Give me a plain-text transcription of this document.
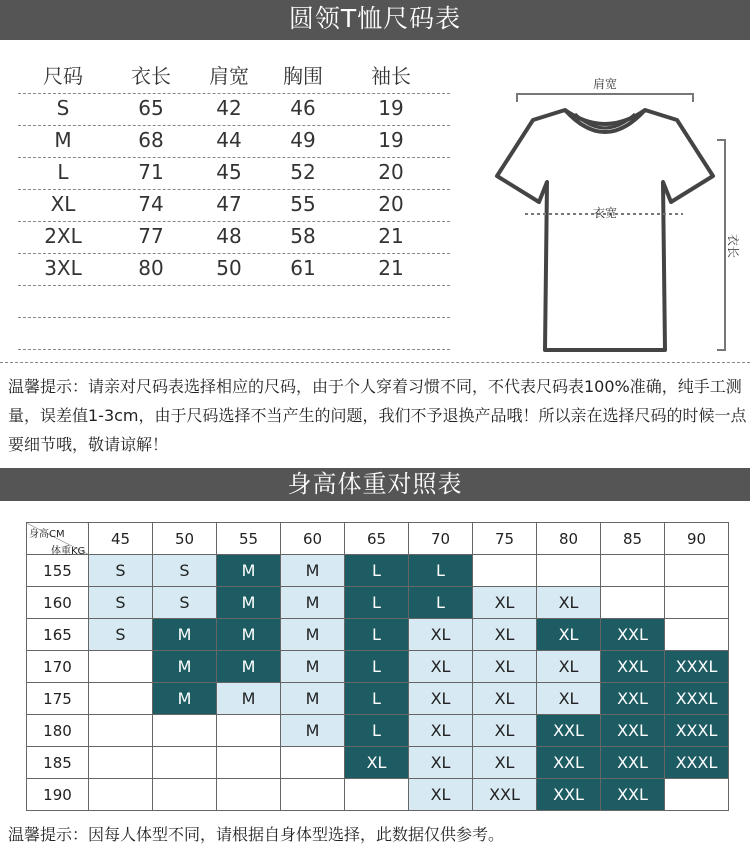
圆领T恤尺码表
尺码	衣长	肩宽	胸围	袖长
S	65	42	46	19
M	68	44	49	19
L	71	45	52	20
XL	74	47	55	20
2XL	77	48	58	21
3XL	80	50	61	21
肩宽
衣宽
衣长
温馨提示：请亲对尺码表选择相应的尺码，由于个人穿着习惯不同，不代表尺码表100%准确，纯手工测量，误差值1-3cm，由于尺码选择不当产生的问题，我们不予退换产品哦！所以亲在选择尺码的时候一点要细节哦，敬请谅解！
身高体重对照表
身高CM
体重KG	45	50	55	60	65	70	75	80	85	90
155	S	S	M	M	L	L				
160	S	S	M	M	L	L	XL	XL		
165	S	M	M	M	L	XL	XL	XL	XXL	
170		M	M	M	L	XL	XL	XL	XXL	XXXL
175		M	M	M	L	XL	XL	XL	XXL	XXXL
180				M	L	XL	XL	XXL	XXL	XXXL
185					XL	XL	XL	XXL	XXL	XXXL
190						XL	XXL	XXL	XXL	
温馨提示：因每人体型不同，请根据自身体型选择，此数据仅供参考。
